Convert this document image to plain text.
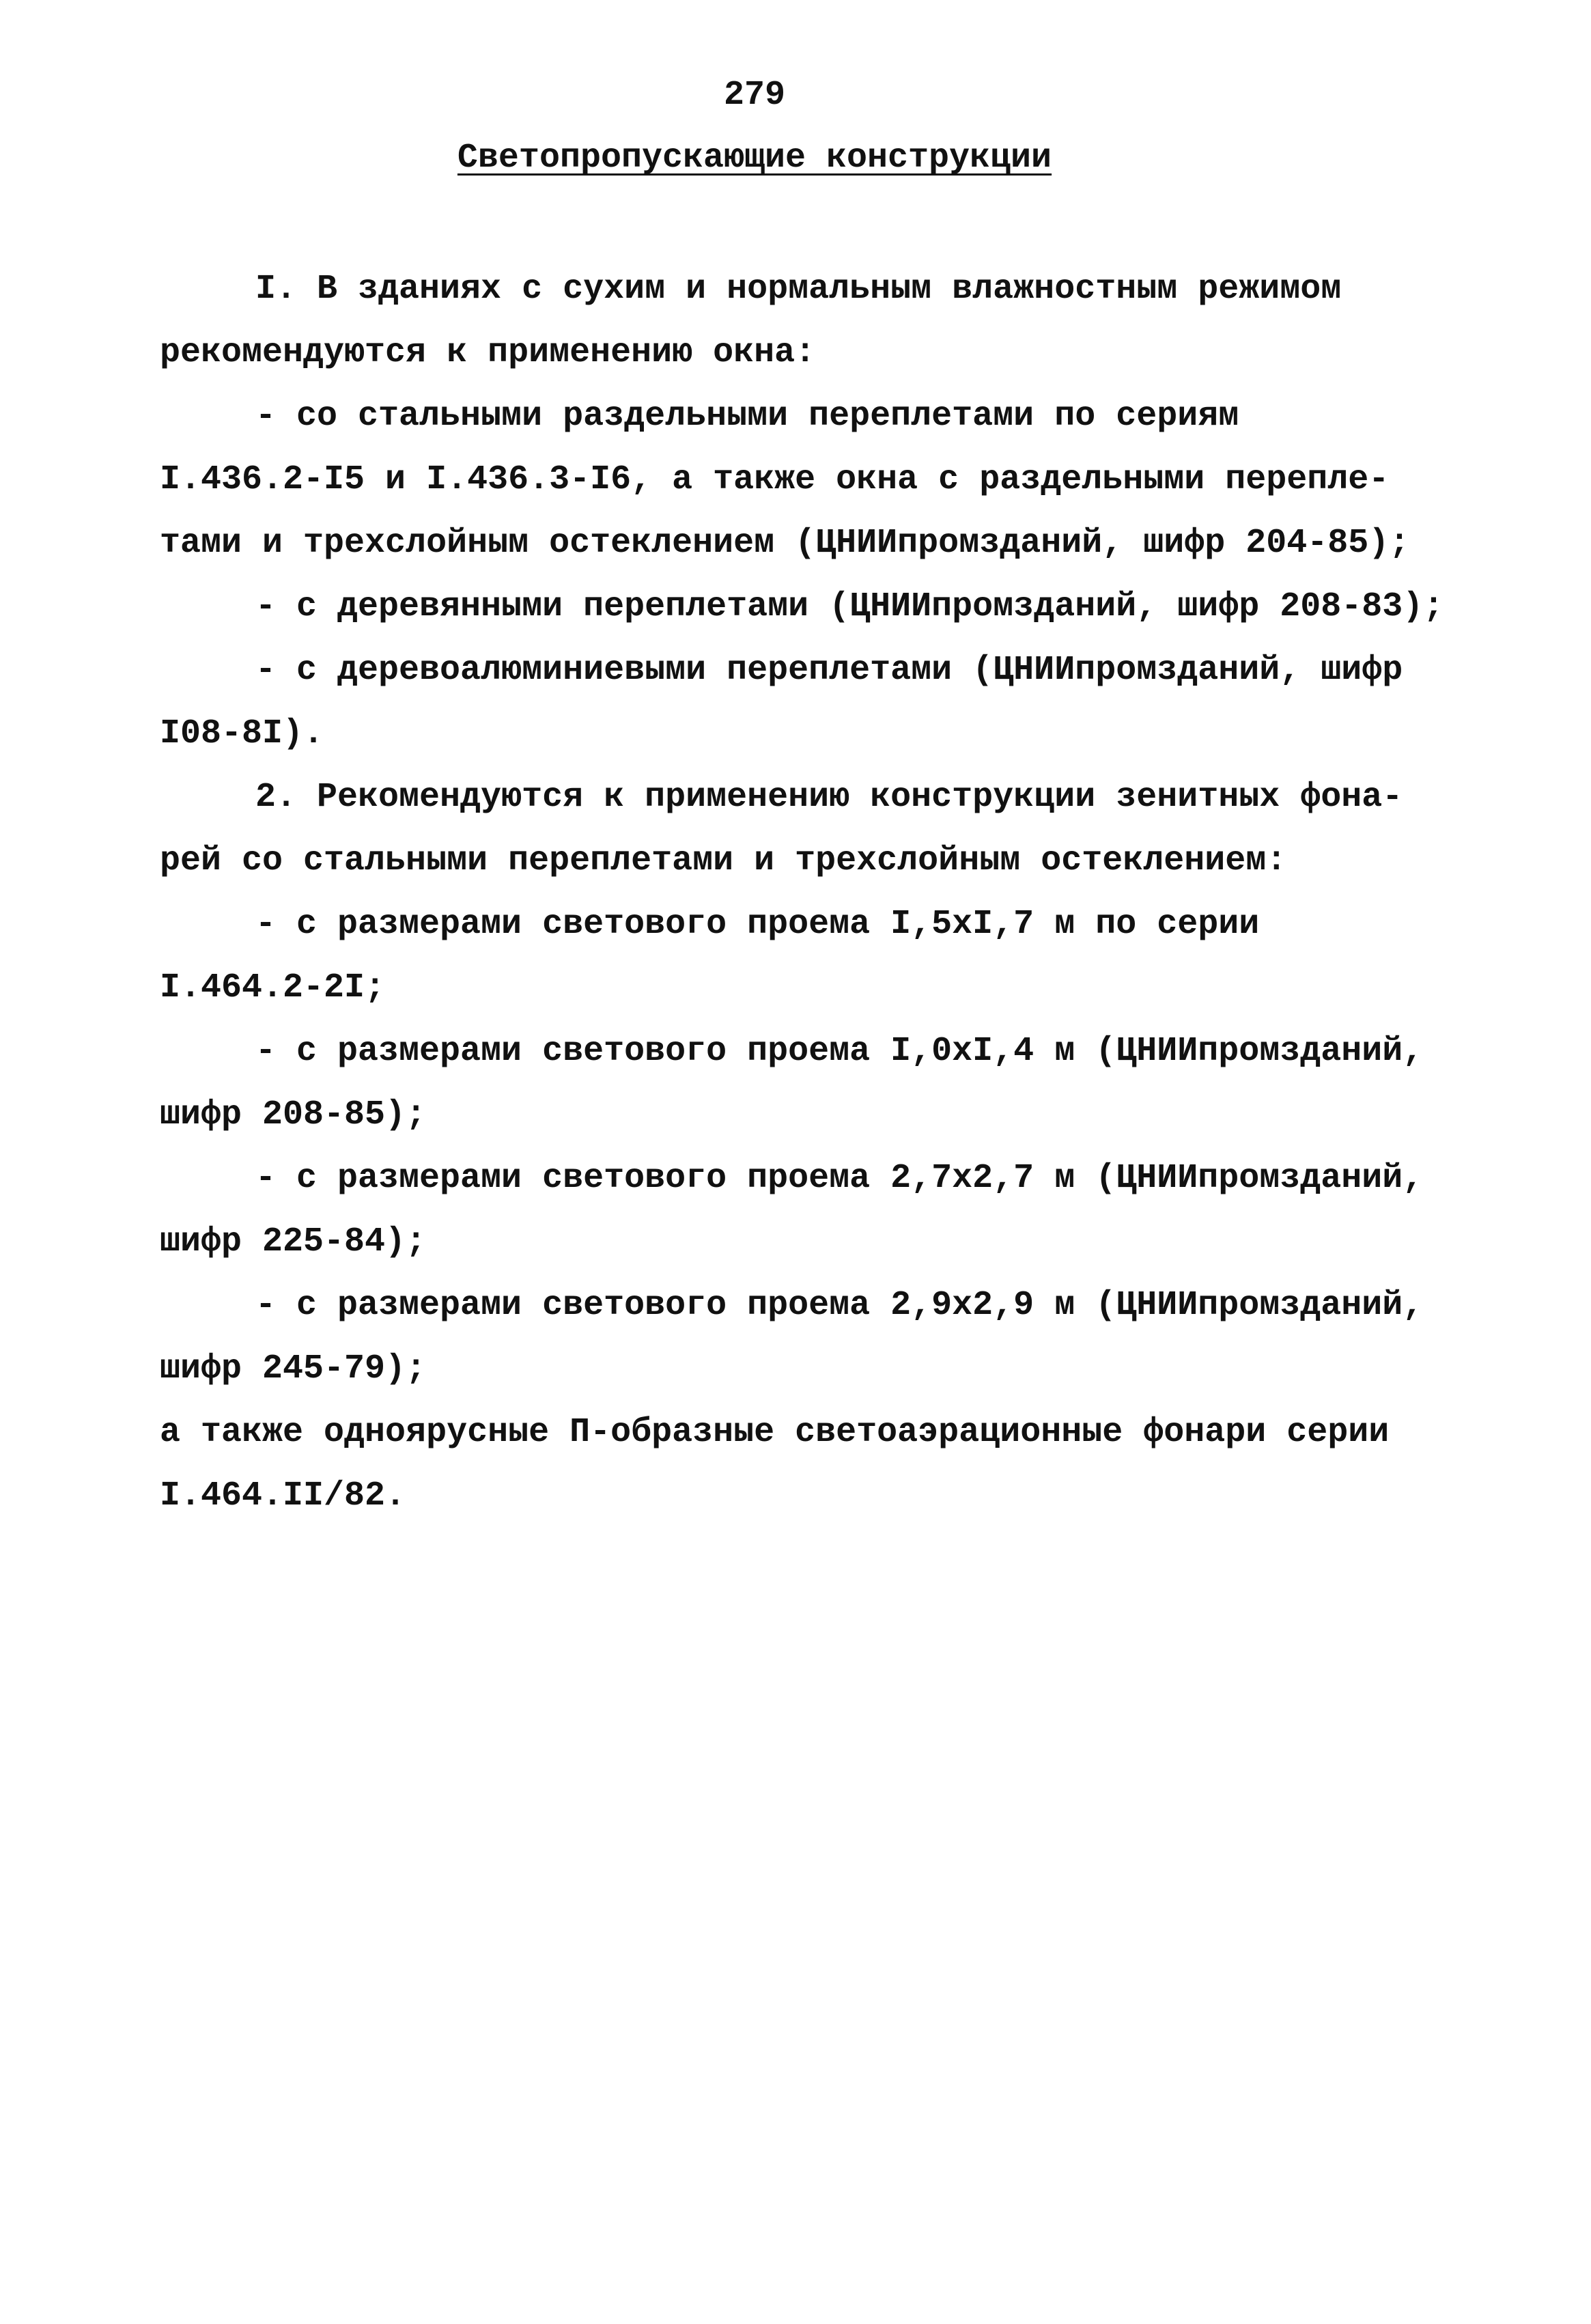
279
Светопропускающие конструкции
I. В зданиях с сухим и нормальным влажностным режимом
рекомендуются к применению окна:
- со стальными раздельными переплетами по сериям
I.436.2-I5 и I.436.3-I6, а также окна с раздельными перепле-
тами и трехслойным остеклением (ЦНИИпромзданий, шифр 204-85);
- с деревянными переплетами (ЦНИИпромзданий, шифр 208-83);
- с деревоалюминиевыми переплетами (ЦНИИпромзданий, шифр
I08-8I).
2. Рекомендуются к применению конструкции зенитных фона-
рей со стальными переплетами и трехслойным остеклением:
- с размерами светового проема I,5xI,7 м по серии
I.464.2-2I;
- с размерами светового проема I,0xI,4 м (ЦНИИпромзданий,
шифр 208-85);
- с размерами светового проема 2,7x2,7 м (ЦНИИпромзданий,
шифр 225-84);
- с размерами светового проема 2,9x2,9 м (ЦНИИпромзданий,
шифр 245-79);
а также одноярусные П-образные светоаэрационные фонари серии
I.464.II/82.
